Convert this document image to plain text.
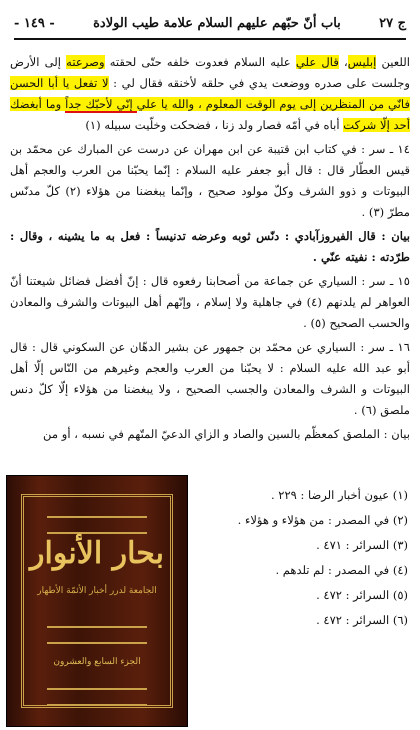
ج ٢٧
باب أنّ حبّهم عليهم السلام علامة طيب الولادة
- ١٤٩ -

اللعين إبليس، قال علي عليه السلام فعدوت خلفه حتّى لحقته وصرعته إلى الأرض وجلست على صدره ووضعت يدي في حلقه لأخنقه فقال لي : لا تفعل يا أبا الحسن فانّي من المنظرين إلى يوم الوقت المعلوم ، والله يا علي إنّي لأحبّك جداً وما أبغضك أحد إلّا شركت أباه في أمّه فصار ولد زنا ، فضحكت وخلّيت سبيله (١)

١٤ ـ سر : في كتاب ابن قتيبة عن ابن مهران عن درست عن المبارك عن محمّد بن قيس العطّار قال : قال أبو جعفر عليه السلام : إنّما يحبّنا من العرب والعجم أهل البيوتات و ذوو الشرف وكلّ مولود صحيح ، وإنّما يبغضنا من هؤلاء (٢) كلّ مدنّس مطرّ (٣) .

بيان : قال الفيروزآبادي : دنّس ثوبه وعرضه تدنيساً : فعل به ما يشينه ، وقال : طرّدته : نفيته عنّي .

١٥ ـ سر : السياري عن جماعة من أصحابنا رفعوه قال : إنّ أفضل فضائل شيعتنا أنّ العواهر لم يلدنهم (٤) في جاهلية ولا إسلام ، وإنّهم أهل البيوتات والشرف والمعادن والحسب الصحيح (٥) .

١٦ ـ سر : السياري عن محمّد بن جمهور عن بشير الدهّان عن السكوني قال : قال أبو عبد الله عليه السلام : لا يحبّنا من العرب والعجم وغيرهم من النّاس إلّا أهل البيوتات و الشرف والمعادن والجسب الصحيح ، ولا يبغضنا من هؤلاء إلّا كلّ دنس ملصق (٦) .

بيان : الملصق كمعظّم بالسين والصاد و الزاي الدعيّ المتّهم في نسبه ، أو من

بحار الأنوار
الجامعة لدرر أخبار الأئمّة الأطهار
الجزء السابع والعشرون
(١) عيون أخبار الرضا : ٢٢٩ .
(٢) في المصدر : من هؤلاء و هؤلاء .
(٣) السرائر : ٤٧١ .
(٤) في المصدر : لم تلدهم .
(٥) السرائر : ٤٧٢ .
(٦) السرائر : ٤٧٢ .
